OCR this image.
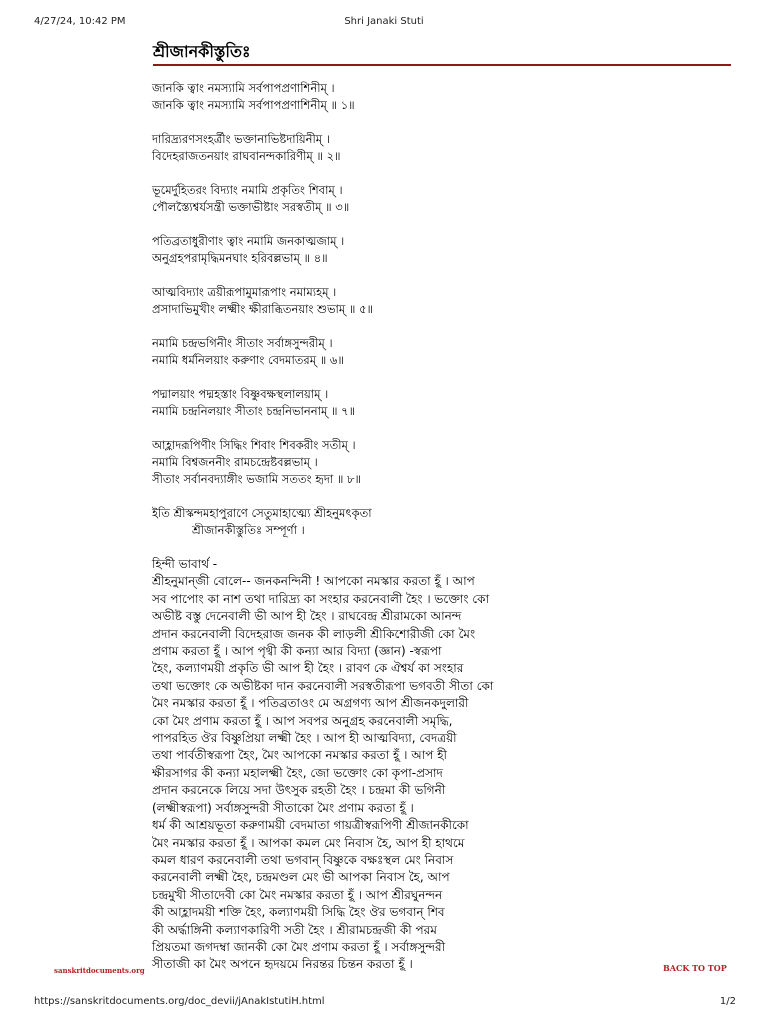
4/27/24, 10:42 PM	Shri Janaki Stuti
শ্রীজানকীস্তুতিঃ
জানকি ত্বাং নমস্যামি সর্বপাপপ্রণাশিনীম্ ।
জানকি ত্বাং নমস্যামি সর্বপাপপ্রণাশিনীম্ ॥ ১॥
দারিদ্র্যরণসংহর্ত্রীং ভক্তানাভিষ্টদায়িনীম্ ।
বিদেহরাজতনয়াং রাঘবানন্দকারিণীম্ ॥ ২॥
ভূমের্দুহিতরং বিদ্যাং নমামি প্রকৃতিং শিবাম্ ।
পৌলস্ত্যৈশ্বর্যসন্ত্রী ভক্তাভীষ্টাং সরস্বতীম্ ॥ ৩॥
পতিব্রতাধুরীণাং ত্বাং নমামি জনকাত্মজাম্ ।
অনুগ্রহপরামৃদ্ধিমনঘাং হরিবল্লভাম্ ॥ ৪॥
আত্মবিদ্যাং ত্রয়ীরূপামুমারূপাং নমাম্যহম্ ।
প্রসাদাভিমুখীং লক্ষ্মীং ক্ষীরাব্ধিতনয়াং শুভাম্ ॥ ৫॥
নমামি চন্দ্রভগিনীং সীতাং সর্বাঙ্গসুন্দরীম্ ।
নমামি ধর্মনিলয়াং করুণাং বেদমাতরম্ ॥ ৬॥
পদ্মালয়াং পদ্মহস্তাং বিষ্ণুবক্ষস্থলালয়াম্ ।
নমামি চন্দ্রনিলয়াং সীতাং চন্দ্রনিভাননাম্ ॥ ৭॥
আহ্লাদরূপিণীং সিদ্ধিং শিবাং শিবকরীং সতীম্ ।
নমামি বিশ্বজননীং রামচন্দ্রেষ্টবল্লভাম্ ।
সীতাং সর্বানবদ্যাঙ্গীং ভজামি সততং হৃদা ॥ ৮॥
ইতি শ্রীস্কন্দমহাপুরাণে সেতুমাহাত্ম্যে শ্রীহনুমৎকৃতা
শ্রীজানকীস্তুতিঃ সম্পূর্ণা ।
হিন্দী ভাবার্থ -
শ্রীহনুমান্জী বোলে-- জনকনন্দিনী ! আপকো নমস্কার করতা হূঁ । আপ
সব পাপোং কা নাশ তথা দারিদ্র্য কা সংহার করনেবালী হৈং । ভক্তোং কো
অভীষ্ট বস্তু দেনেবালী ভী আপ হী হৈং । রাঘবেন্দ্র শ্রীরামকো আনন্দ
প্রদান করনেবালী বিদেহরাজ জনক কী লাড়লী শ্রীকিশোরীজী কো মৈং
প্রণাম করতা হূঁ । আপ পৃথ্বী কী কন্যা আর বিদ্যা (জ্ঞান) -স্বরূপা
হৈং, কল্যাণময়ী প্রকৃতি ভী আপ হী হৈং । রাবণ কে ঐশ্বর্য কা সংহার
তথা ভক্তোং কে অভীষ্টকা দান করনেবালী সরস্বতীরূপা ভগবতী সীতা কো
মৈং নমস্কার করতা হূঁ । পতিব্রতাওং মে অগ্রগণ্য আপ শ্রীজনকদুলারী
কো মৈং প্রণাম করতা হূঁ । আপ সবপর অনুগ্রহ করনেবালী সমৃদ্ধি,
পাপরহিত ঔর বিষ্ণুপ্রিয়া লক্ষ্মী হৈং । আপ হী আত্মবিদ্যা, বেদত্রয়ী
তথা পার্বতীস্বরূপা হৈং, মৈং আপকো নমস্কার করতা হূঁ । আপ হী
ক্ষীরসাগর কী কন্যা মহালক্ষ্মী হৈং, জো ভক্তোং কো কৃপা-প্রসাদ
প্রদান করনেকে লিয়ে সদা উৎসুক রহতী হৈং । চন্দ্রমা কী ভগিনী
(লক্ষ্মীস্বরূপা) সর্বাঙ্গসুন্দরী সীতাকো মৈং প্রণাম করতা হূঁ ।
ধর্ম কী আশ্রয়ভূতা করুণাময়ী বেদমাতা গায়ত্রীস্বরূপিণী শ্রীজানকীকো
মৈং নমস্কার করতা হূঁ । আপকা কমল মেং নিবাস হৈ, আপ হী হাথমে
কমল ধারণ করনেবালী তথা ভগবান্ বিষ্ণুকে বক্ষঃস্থল মেং নিবাস
করনেবালী লক্ষ্মী হৈং, চন্দ্রমণ্ডল মেং ভী আপকা নিবাস হৈ, আপ
চন্দ্রমুখী সীতাদেবী কো মৈং নমস্কার করতা হূঁ । আপ শ্রীরঘুনন্দন
কী আহ্লাদময়ী শক্তি হৈং, কল্যাণময়ী সিদ্ধি হৈং ঔর ভগবান্ শিব
কী অর্দ্ধাঙ্গিনী কল্যাণকারিণী সতী হৈং । শ্রীরামচন্দ্রজী কী পরম
প্রিয়তমা জগদম্বা জানকী কো মৈং প্রণাম করতা হূঁ । সর্বাঙ্গসুন্দরী
সীতাজী কা মৈং অপনে হৃদয়মে নিরন্তর চিন্তন করতা হূঁ ।
sanskritdocuments.org	BACK TO TOP
https://sanskritdocuments.org/doc_devii/jAnakIstutiH.html	1/2
